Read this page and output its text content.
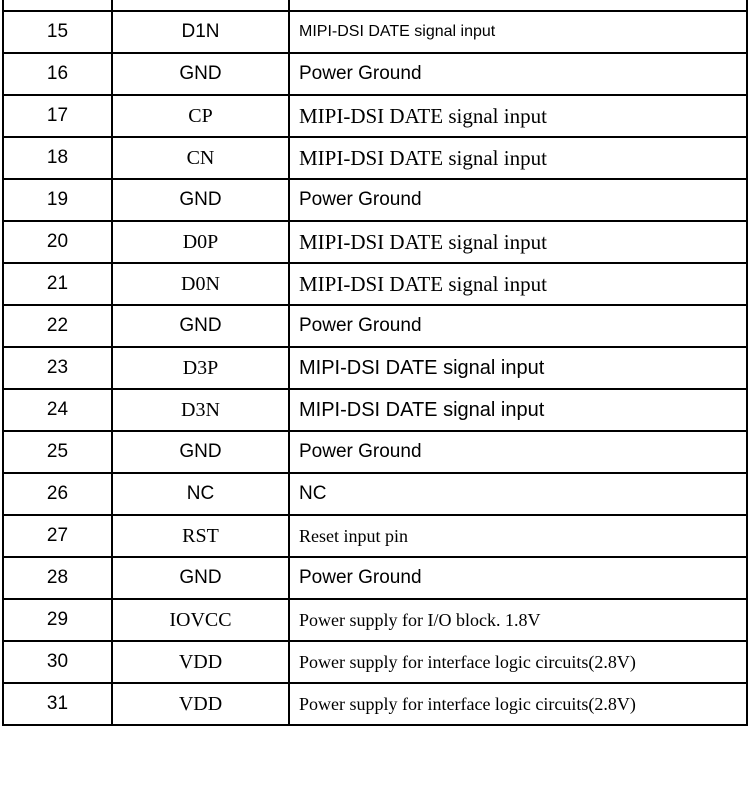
15	D1N	MIPI-DSI DATE signal input
16	GND	Power Ground
17	CP	MIPI-DSI DATE signal input
18	CN	MIPI-DSI DATE signal input
19	GND	Power Ground
20	D0P	MIPI-DSI DATE signal input
21	D0N	MIPI-DSI DATE signal input
22	GND	Power Ground
23	D3P	MIPI-DSI DATE signal input
24	D3N	MIPI-DSI DATE signal input
25	GND	Power Ground
26	NC	NC
27	RST	Reset input pin
28	GND	Power Ground
29	IOVCC	Power supply for I/O block. 1.8V
30	VDD	Power supply for interface logic circuits(2.8V)
31	VDD	Power supply for interface logic circuits(2.8V)
